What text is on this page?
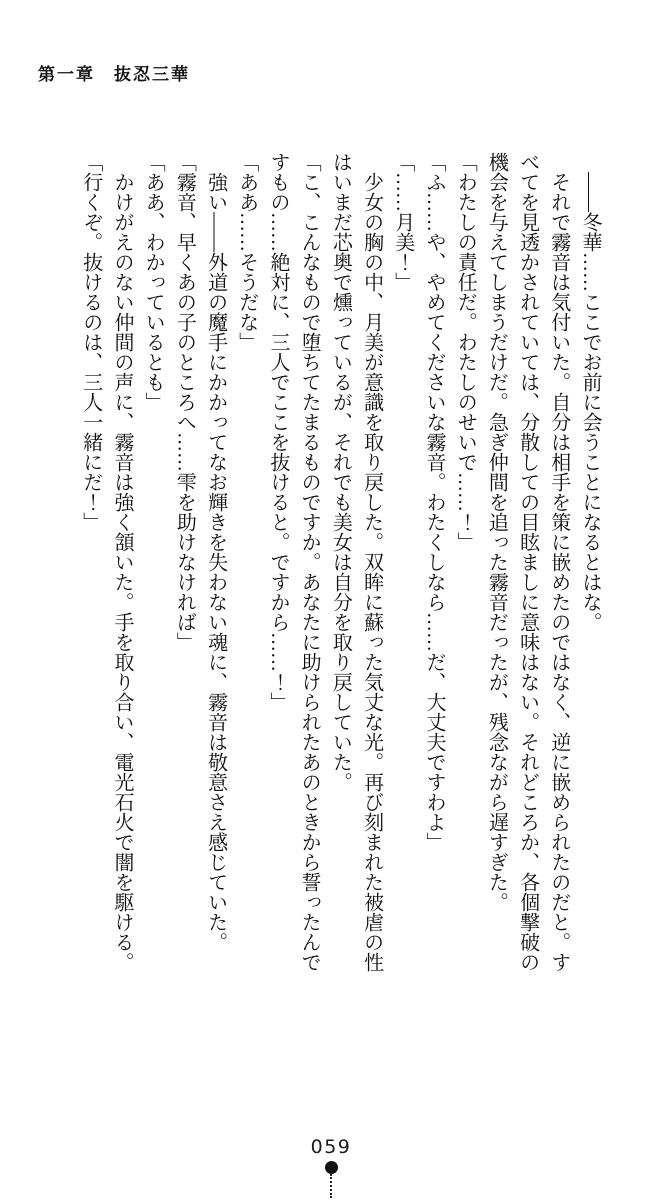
第一章　抜忍三華

　――冬華……ここでお前に会うことになるとはな。

　それで霧音は気付いた。自分は相手を策に嵌めたのではなく、逆に嵌められたのだと。すべてを見透かされていては、分散しての目眩ましに意味はない。それどころか、各個撃破の機会を与えてしまうだけだ。急ぎ仲間を追った霧音だったが、残念ながら遅すぎた。

「わたしの責任だ。わたしのせいで……！」

「ふ……や、やめてくださいな霧音。わたくしなら……だ、大丈夫ですわよ」

「……月美！」

　少女の胸の中、月美が意識を取り戻した。双眸に蘇った気丈な光。再び刻まれた被虐の性はいまだ芯奥で燻っているが、それでも美女は自分を取り戻していた。

「こ、こんなもので堕ちてたまるものですか。あなたに助けられたあのときから誓ったんですもの……絶対に、三人でここを抜けると。ですから……！」

「ああ……そうだな」

　強い――外道の魔手にかかってなお輝きを失わない魂に、霧音は敬意さえ感じていた。

「霧音、早くあの子のところへ……雫を助けなければ」

「ああ、わかっているとも」

　かけがえのない仲間の声に、霧音は強く頷いた。手を取り合い、電光石火で闇を駆ける。

「行くぞ。抜けるのは、三人一緒にだ！」

059
